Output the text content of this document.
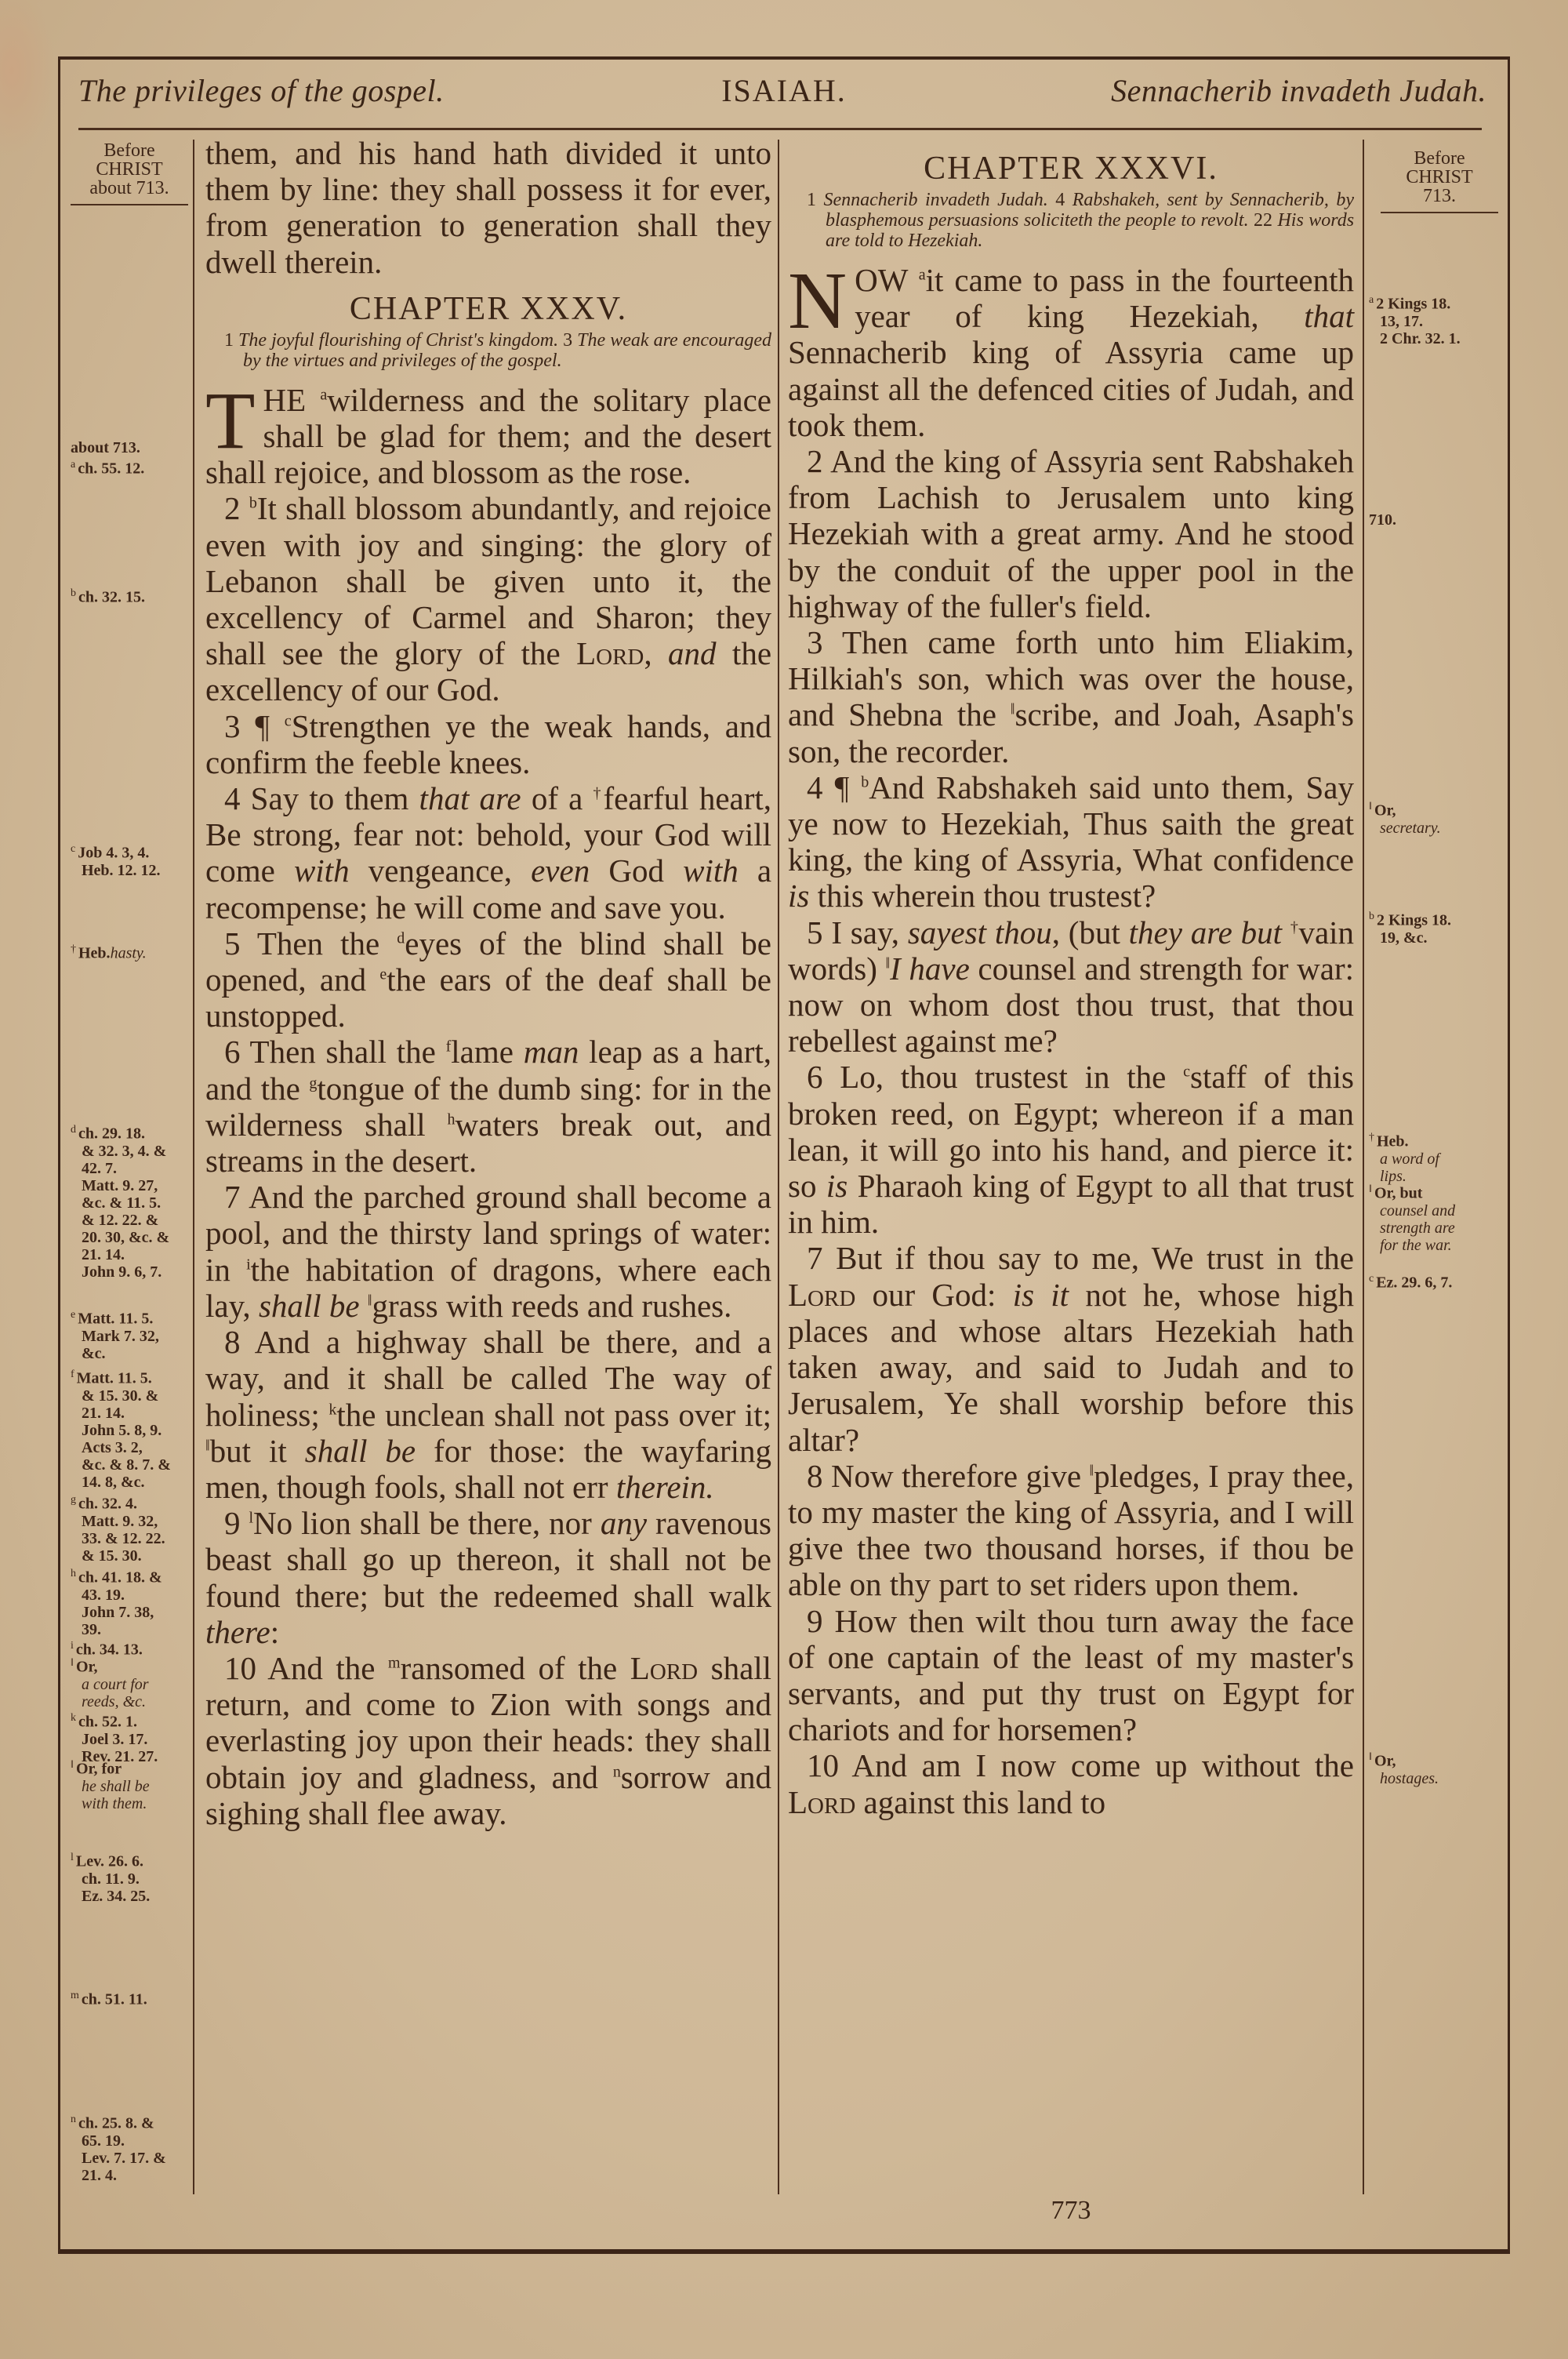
The privileges of the gospel.	ISAIAH.	Sennacherib invadeth Judah.
Before
CHRIST
about 713.
about 713.
$^a$ ch. 55. 12.
$^b$ ch. 32. 15.
$^c$ Job 4. 3, 4.
Heb. 12. 12.
† Heb.hasty.
$^d$ ch. 29. 18.
& 32. 3, 4. &
42. 7.
Matt. 9. 27,
&c. & 11. 5.
& 12. 22. &
20. 30, &c. &
21. 14.
John 9. 6, 7.
$^e$ Matt. 11. 5.
Mark 7. 32,
&c.
$^f$ Matt. 11. 5.
& 15. 30. &
21. 14.
John 5. 8, 9.
Acts 3. 2,
&c. & 8. 7. &
14. 8, &c.
$^g$ ch. 32. 4.
Matt. 9. 32,
33. & 12. 22.
& 15. 30.
$^h$ ch. 41. 18. &
43. 19.
John 7. 38,
39.
$^i$ ch. 34. 13.
‖ Or,
a court for
reeds, &c.
$^k$ ch. 52. 1.
Joel 3. 17.
Rev. 21. 27.
‖ Or, for
he shall be
with them.
$^l$ Lev. 26. 6.
ch. 11. 9.
Ez. 34. 25.
$^m$ ch. 51. 11.
$^n$ ch. 25. 8. &
65. 19.
Lev. 7. 17. &
21. 4.
Before
CHRIST
713.
$^a$ 2 Kings 18.
13, 17.
2 Chr. 32. 1.
710.
‖ Or,
secretary.
$^b$ 2 Kings 18.
19, &c.
† Heb.
a word of
lips.
‖ Or, but
counsel and
strength are
for the war.
$^c$ Ez. 29. 6, 7.
‖ Or,
hostages.

them, and his hand hath divided it unto them by line: they shall possess it for ever, from generation to generation shall they dwell therein.

CHAPTER XXXV.
1 The joyful flourishing of Christ's kingdom. 3 The weak are encouraged by the virtues and privileges of the gospel.

THE $^a$wilderness and the solitary place shall be glad for them; and the desert shall rejoice, and blossom as the rose.

2 $^b$It shall blossom abundantly, and rejoice even with joy and singing: the glory of Lebanon shall be given unto it, the excellency of Carmel and Sharon; they shall see the glory of the Lord, and the excellency of our God.

3 ¶ $^c$Strengthen ye the weak hands, and confirm the feeble knees.

4 Say to them that are of a †fearful heart, Be strong, fear not: behold, your God will come with vengeance, even God with a recompense; he will come and save you.

5 Then the $^d$eyes of the blind shall be opened, and $^e$the ears of the deaf shall be unstopped.

6 Then shall the $^f$lame man leap as a hart, and the $^g$tongue of the dumb sing: for in the wilderness shall $^h$waters break out, and streams in the desert.

7 And the parched ground shall become a pool, and the thirsty land springs of water: in $^i$the habitation of dragons, where each lay, shall be ‖grass with reeds and rushes.

8 And a highway shall be there, and a way, and it shall be called The way of holiness; $^k$the unclean shall not pass over it; ‖but it shall be for those: the wayfaring men, though fools, shall not err therein.

9 $^l$No lion shall be there, nor any ravenous beast shall go up thereon, it shall not be found there; but the redeemed shall walk there:

10 And the $^m$ransomed of the Lord shall return, and come to Zion with songs and everlasting joy upon their heads: they shall obtain joy and gladness, and $^n$sorrow and sighing shall flee away.

CHAPTER XXXVI.
1 Sennacherib invadeth Judah. 4 Rabshakeh, sent by Sennacherib, by blasphemous persuasions soliciteth the people to revolt. 22 His words are told to Hezekiah.

NOW $^a$it came to pass in the fourteenth year of king Hezekiah, that Sennacherib king of Assyria came up against all the defenced cities of Judah, and took them.

2 And the king of Assyria sent Rabshakeh from Lachish to Jerusalem unto king Hezekiah with a great army. And he stood by the conduit of the upper pool in the highway of the fuller's field.

3 Then came forth unto him Eliakim, Hilkiah's son, which was over the house, and Shebna the ‖scribe, and Joah, Asaph's son, the recorder.

4 ¶ $^b$And Rabshakeh said unto them, Say ye now to Hezekiah, Thus saith the great king, the king of Assyria, What confidence is this wherein thou trustest?

5 I say, sayest thou, (but they are but †vain words) ‖I have counsel and strength for war: now on whom dost thou trust, that thou rebellest against me?

6 Lo, thou trustest in the $^c$staff of this broken reed, on Egypt; whereon if a man lean, it will go into his hand, and pierce it: so is Pharaoh king of Egypt to all that trust in him.

7 But if thou say to me, We trust in the Lord our God: is it not he, whose high places and whose altars Hezekiah hath taken away, and said to Judah and to Jerusalem, Ye shall worship before this altar?

8 Now therefore give ‖pledges, I pray thee, to my master the king of Assyria, and I will give thee two thousand horses, if thou be able on thy part to set riders upon them.

9 How then wilt thou turn away the face of one captain of the least of my master's servants, and put thy trust on Egypt for chariots and for horsemen?

10 And am I now come up without the Lord against this land to

773
